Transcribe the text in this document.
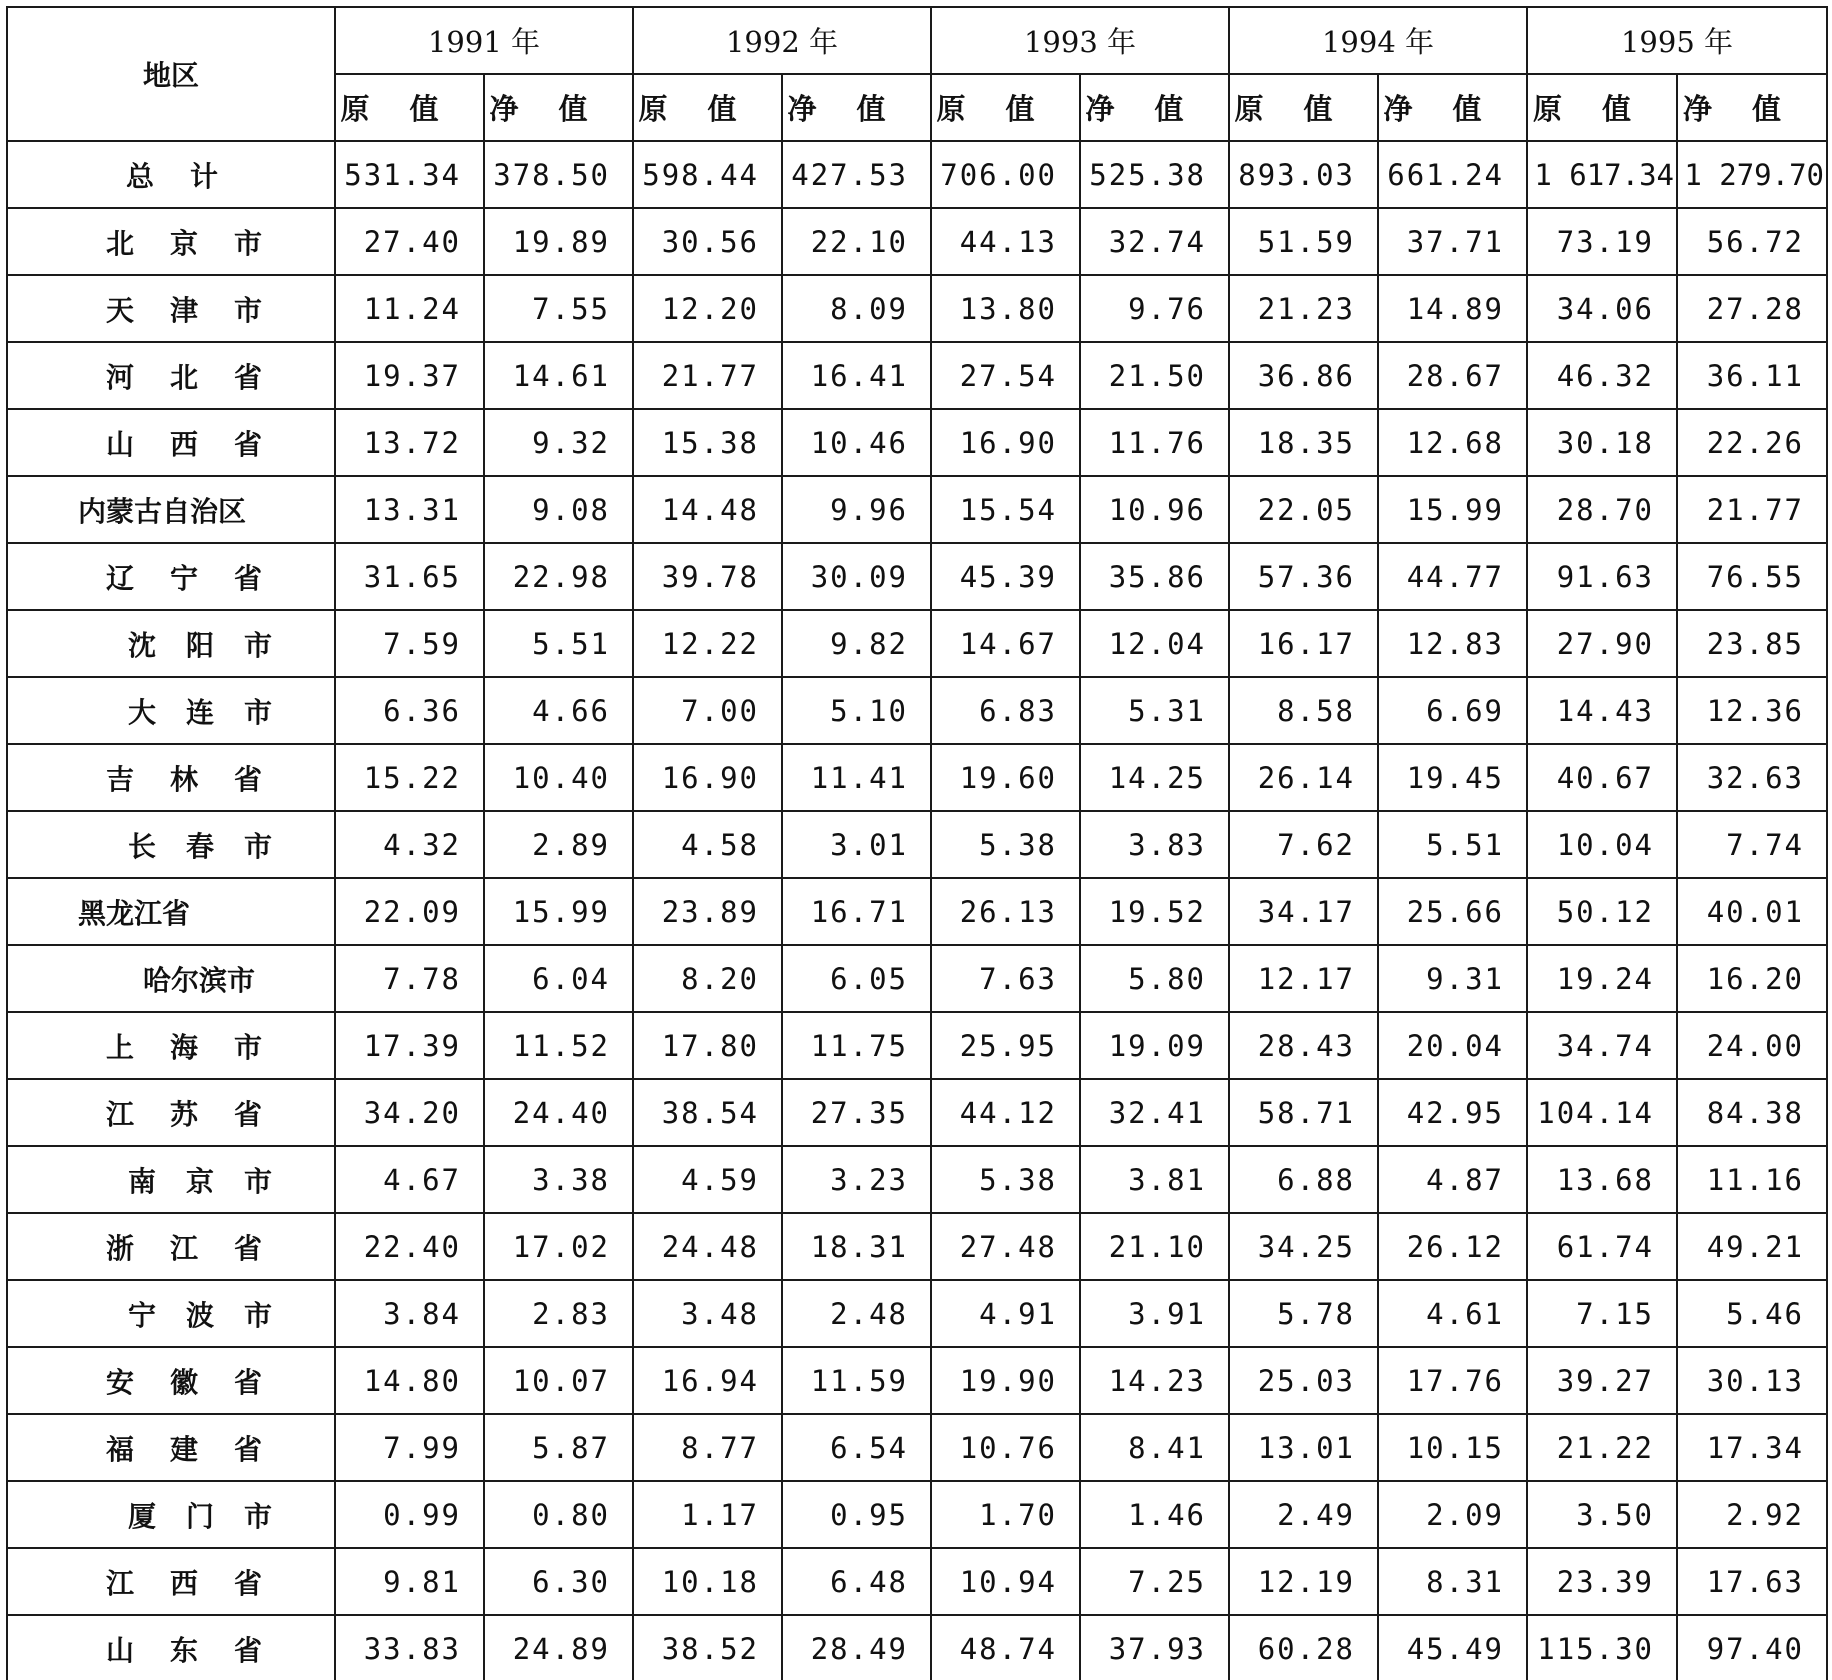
地区	1991 年		1992 年		1993 年		1994 年		1995 年	
	原值	净值	原值	净值	原值	净值	原值	净值	原值	净值
总计	531.34	378.50	598.44	427.53	706.00	525.38	893.03	661.24	1 617.34	1 279.70
北京市	27.40	19.89	30.56	22.10	44.13	32.74	51.59	37.71	73.19	56.72
天津市	11.24	7.55	12.20	8.09	13.80	9.76	21.23	14.89	34.06	27.28
河北省	19.37	14.61	21.77	16.41	27.54	21.50	36.86	28.67	46.32	36.11
山西省	13.72	9.32	15.38	10.46	16.90	11.76	18.35	12.68	30.18	22.26
内蒙古自治区	13.31	9.08	14.48	9.96	15.54	10.96	22.05	15.99	28.70	21.77
辽宁省	31.65	22.98	39.78	30.09	45.39	35.86	57.36	44.77	91.63	76.55
沈阳市	7.59	5.51	12.22	9.82	14.67	12.04	16.17	12.83	27.90	23.85
大连市	6.36	4.66	7.00	5.10	6.83	5.31	8.58	6.69	14.43	12.36
吉林省	15.22	10.40	16.90	11.41	19.60	14.25	26.14	19.45	40.67	32.63
长春市	4.32	2.89	4.58	3.01	5.38	3.83	7.62	5.51	10.04	7.74
黑龙江省	22.09	15.99	23.89	16.71	26.13	19.52	34.17	25.66	50.12	40.01
哈尔滨市	7.78	6.04	8.20	6.05	7.63	5.80	12.17	9.31	19.24	16.20
上海市	17.39	11.52	17.80	11.75	25.95	19.09	28.43	20.04	34.74	24.00
江苏省	34.20	24.40	38.54	27.35	44.12	32.41	58.71	42.95	104.14	84.38
南京市	4.67	3.38	4.59	3.23	5.38	3.81	6.88	4.87	13.68	11.16
浙江省	22.40	17.02	24.48	18.31	27.48	21.10	34.25	26.12	61.74	49.21
宁波市	3.84	2.83	3.48	2.48	4.91	3.91	5.78	4.61	7.15	5.46
安徽省	14.80	10.07	16.94	11.59	19.90	14.23	25.03	17.76	39.27	30.13
福建省	7.99	5.87	8.77	6.54	10.76	8.41	13.01	10.15	21.22	17.34
厦门市	0.99	0.80	1.17	0.95	1.70	1.46	2.49	2.09	3.50	2.92
江西省	9.81	6.30	10.18	6.48	10.94	7.25	12.19	8.31	23.39	17.63
山东省	33.83	24.89	38.52	28.49	48.74	37.93	60.28	45.49	115.30	97.40
